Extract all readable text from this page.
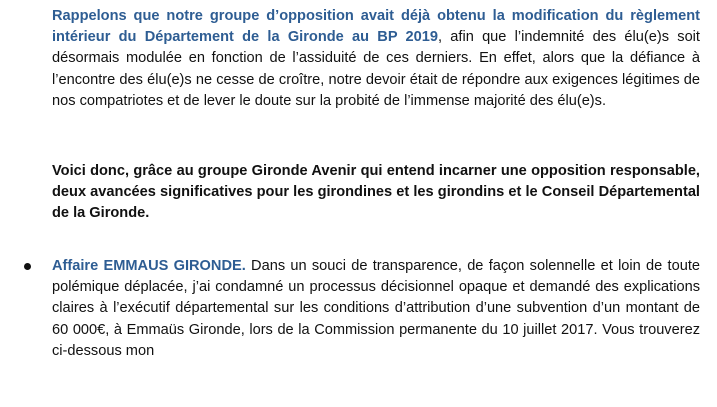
Rappelons que notre groupe d’opposition avait déjà obtenu la modification du règlement intérieur du Département de la Gironde au BP 2019, afin que l’indemnité des élu(e)s soit désormais modulée en fonction de l’assiduité de ces derniers. En effet, alors que la défiance à l’encontre des élu(e)s ne cesse de croître, notre devoir était de répondre aux exigences légitimes de nos compatriotes et de lever le doute sur la probité de l’immense majorité des élu(e)s.

Voici donc, grâce au groupe Gironde Avenir qui entend incarner une opposition responsable, deux avancées significatives pour les girondines et les girondins et le Conseil Départemental de la Gironde.

Affaire EMMAUS GIRONDE. Dans un souci de transparence, de façon solennelle et loin de toute polémique déplacée, j’ai condamné un processus décisionnel opaque et demandé des explications claires à l’exécutif départemental sur les conditions d’attribution d’une subvention d’un montant de 60 000€, à Emmaüs Gironde, lors de la Commission permanente du 10 juillet 2017. Vous trouverez ci-dessous mon
